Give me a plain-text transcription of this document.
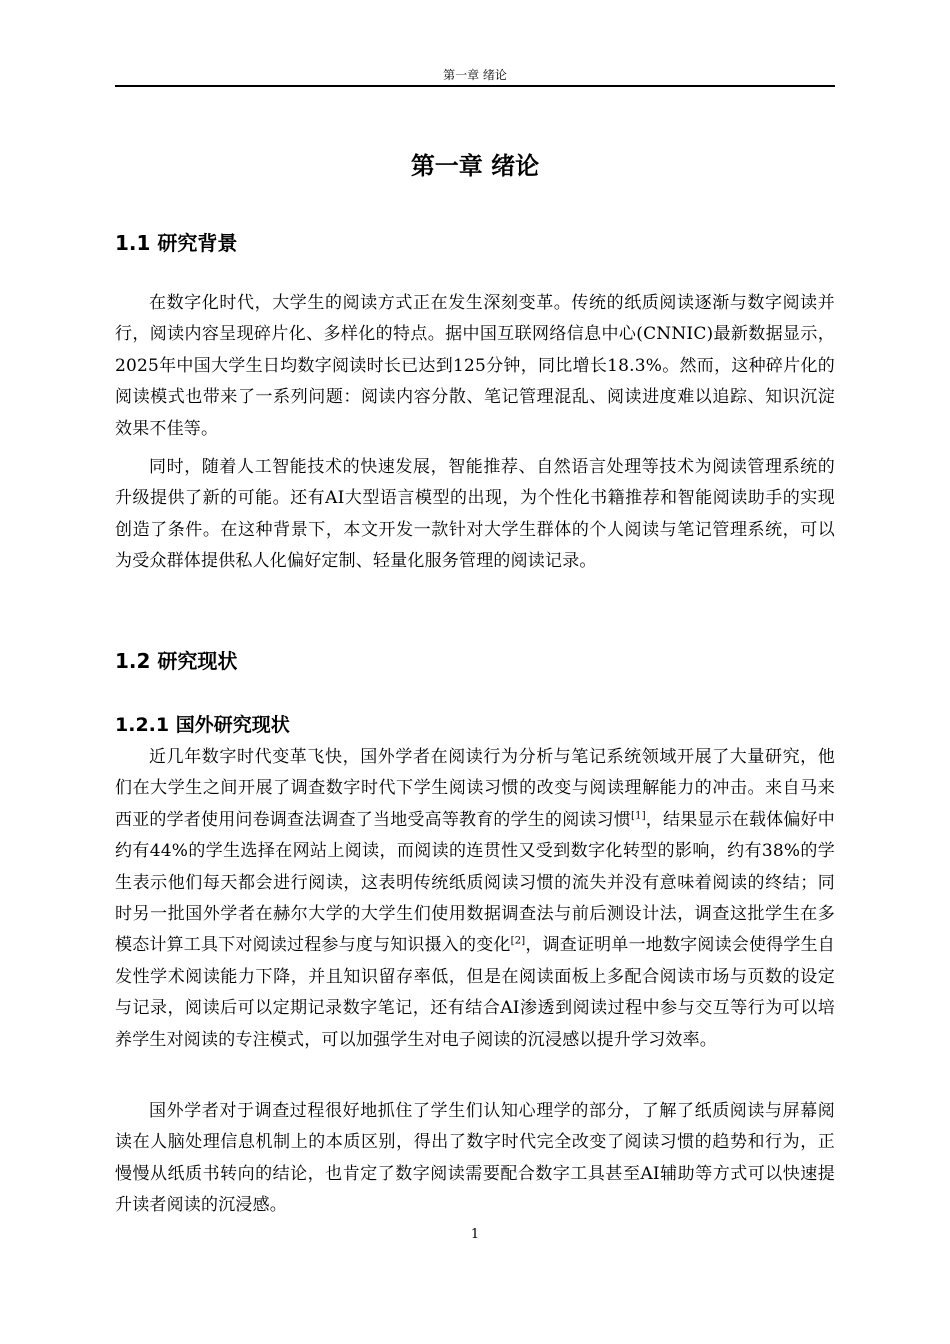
第一章 绪论
第一章 绪论
1.1 研究背景

在数字化时代，大学生的阅读方式正在发生深刻变革。传统的纸质阅读逐渐与数字阅读并行，阅读内容呈现碎片化、多样化的特点。据中国互联网络信息中心(CNNIC)最新数据显示，2025年中国大学生日均数字阅读时长已达到125分钟，同比增长18.3%。然而，这种碎片化的阅读模式也带来了一系列问题：阅读内容分散、笔记管理混乱、阅读进度难以追踪、知识沉淀效果不佳等。

同时，随着人工智能技术的快速发展，智能推荐、自然语言处理等技术为阅读管理系统的升级提供了新的可能。还有AI大型语言模型的出现，为个性化书籍推荐和智能阅读助手的实现创造了条件。在这种背景下，本文开发一款针对大学生群体的个人阅读与笔记管理系统，可以为受众群体提供私人化偏好定制、轻量化服务管理的阅读记录。

1.2 研究现状
1.2.1 国外研究现状

近几年数字时代变革飞快，国外学者在阅读行为分析与笔记系统领域开展了大量研究，他们在大学生之间开展了调查数字时代下学生阅读习惯的改变与阅读理解能力的冲击。来自马来西亚的学者使用问卷调查法调查了当地受高等教育的学生的阅读习惯[1]，结果显示在载体偏好中约有44%的学生选择在网站上阅读，而阅读的连贯性又受到数字化转型的影响，约有38%的学生表示他们每天都会进行阅读，这表明传统纸质阅读习惯的流失并没有意味着阅读的终结；同时另一批国外学者在赫尔大学的大学生们使用数据调查法与前后测设计法，调查这批学生在多模态计算工具下对阅读过程参与度与知识摄入的变化[2]，调查证明单一地数字阅读会使得学生自发性学术阅读能力下降，并且知识留存率低，但是在阅读面板上多配合阅读市场与页数的设定与记录，阅读后可以定期记录数字笔记，还有结合AI渗透到阅读过程中参与交互等行为可以培养学生对阅读的专注模式，可以加强学生对电子阅读的沉浸感以提升学习效率。

国外学者对于调查过程很好地抓住了学生们认知心理学的部分，了解了纸质阅读与屏幕阅读在人脑处理信息机制上的本质区别，得出了数字时代完全改变了阅读习惯的趋势和行为，正慢慢从纸质书转向的结论，也肯定了数字阅读需要配合数字工具甚至AI辅助等方式可以快速提升读者阅读的沉浸感。

1
